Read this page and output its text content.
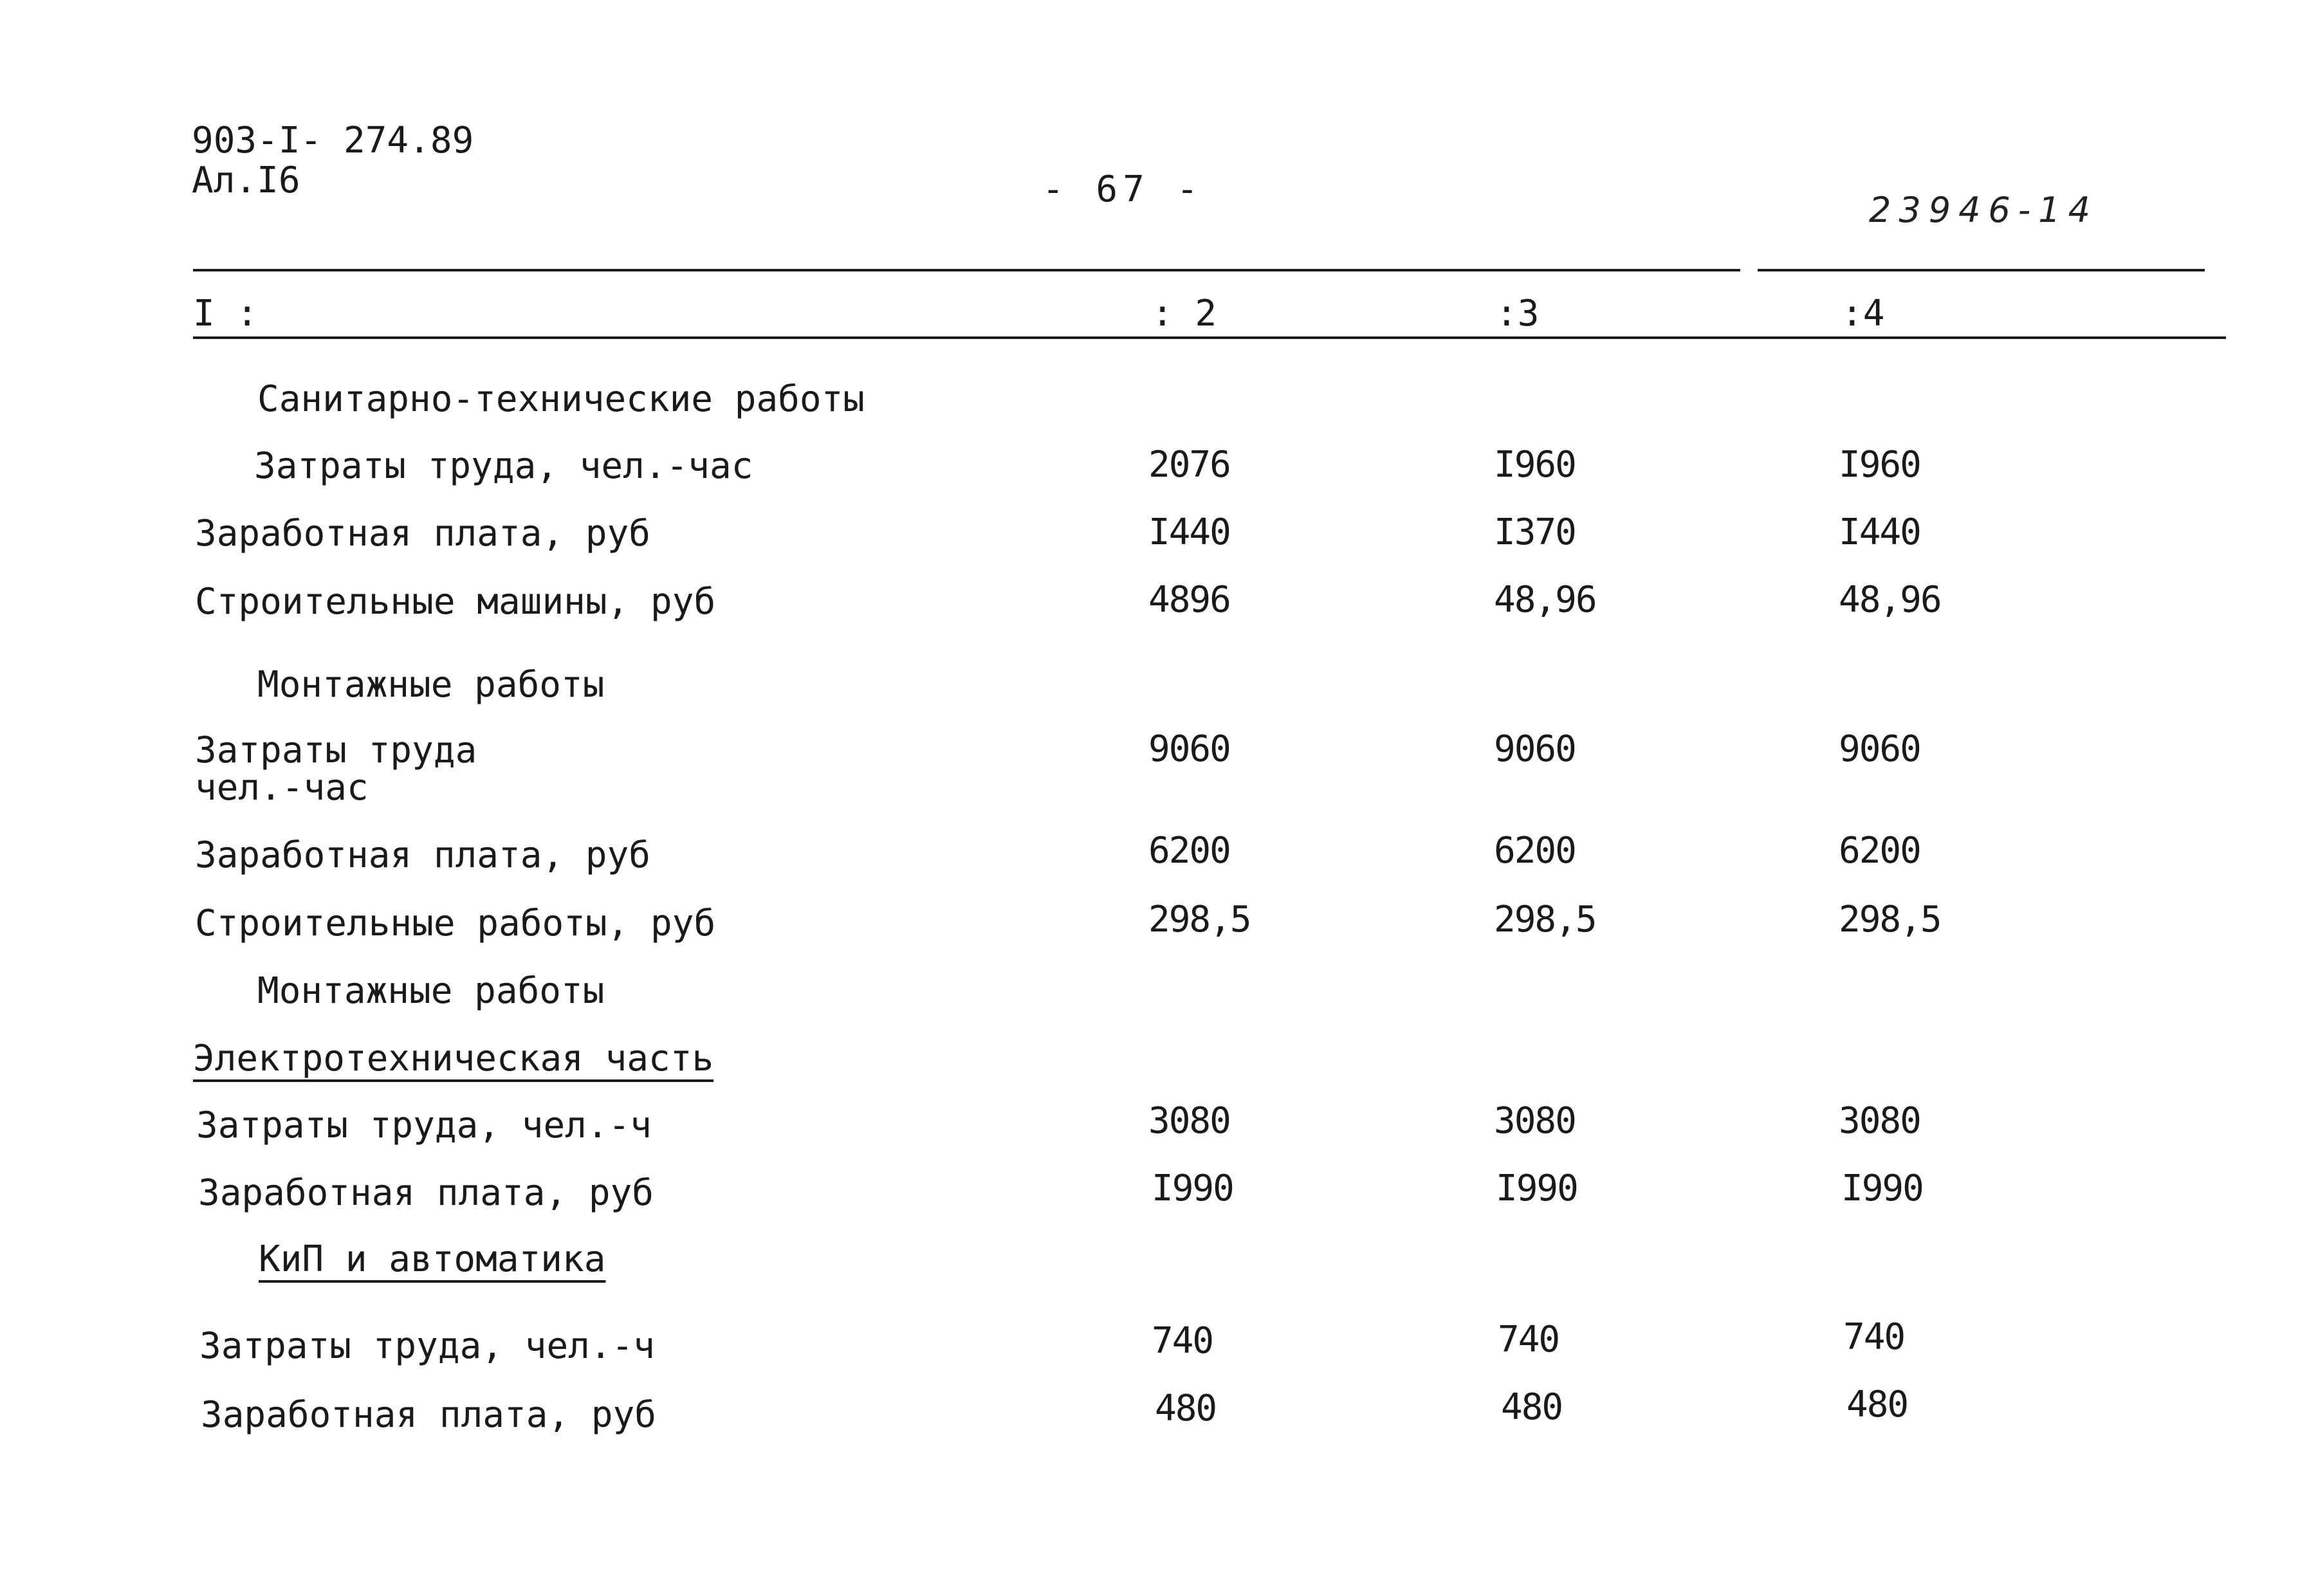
903-I- 274.89
Ал.I6	- 67 -	23946-14
I :	: 2	:3	:4
Санитарно-технические работы
Затраты труда, чел.-час	2076	I960	I960
Заработная плата, руб	I440	I370	I440
Строительные машины, руб	4896	48,96	48,96
Монтажные работы
Затраты труда
чел.-час
9060	9060	9060
Заработная плата, руб	6200	6200	6200
Строительные работы, руб	298,5	298,5	298,5
Монтажные работы
Электротехническая часть
Затраты труда, чел.-ч	3080	3080	3080
Заработная плата, руб	I990	I990	I990
КиП и автоматика
Затраты труда, чел.-ч	740	740	740
Заработная плата, руб	480	480	480
